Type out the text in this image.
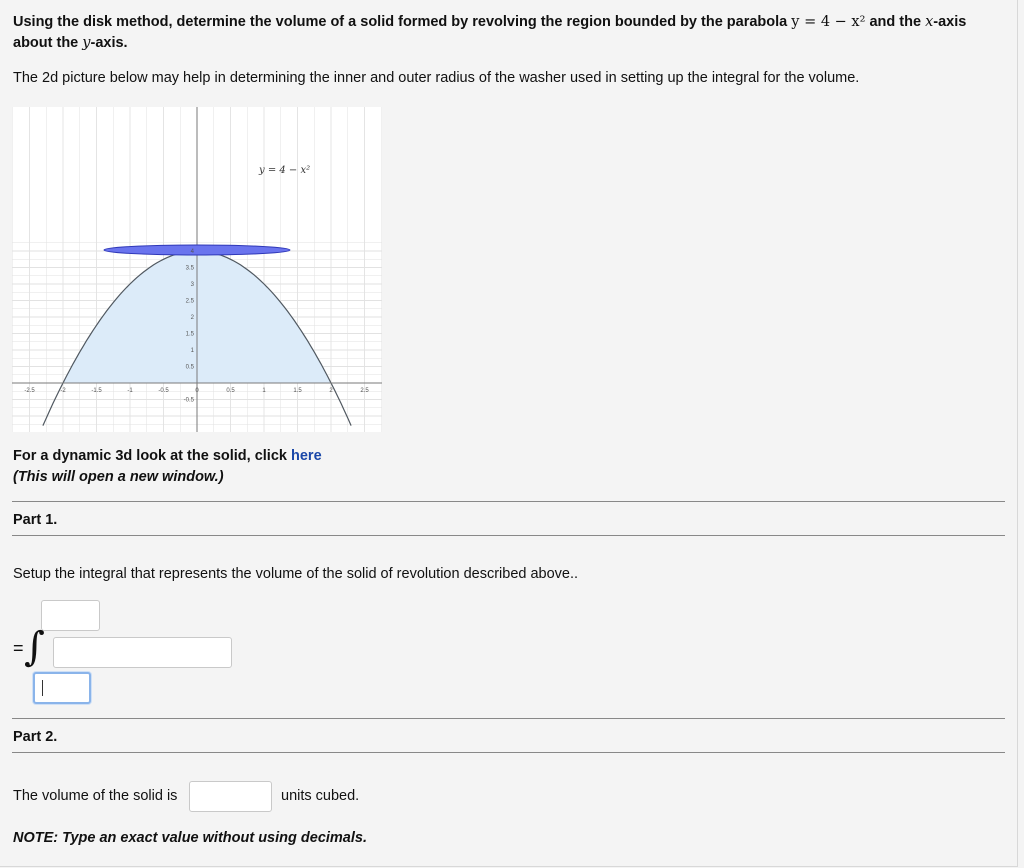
Using the disk method, determine the volume of a solid formed by revolving the region bounded by the parabola y = 4 − x² and the x-axis about the y-axis.
The 2d picture below may help in determining the inner and outer radius of the washer used in setting up the integral for the volume.
-2.5	-2	-1.5	-1	-0.5	0	0.5	1	1.5	2	2.5
4
3.5
3
2.5
2
1.5
1
0.5
-0.5
y = 4 − x²
For a dynamic 3d look at the solid, click here
(This will open a new window.)
Part 1.
Setup the integral that represents the volume of the solid of revolution described above..
= ∫
Part 2.
The volume of the solid is	units cubed.
NOTE: Type an exact value without using decimals.
